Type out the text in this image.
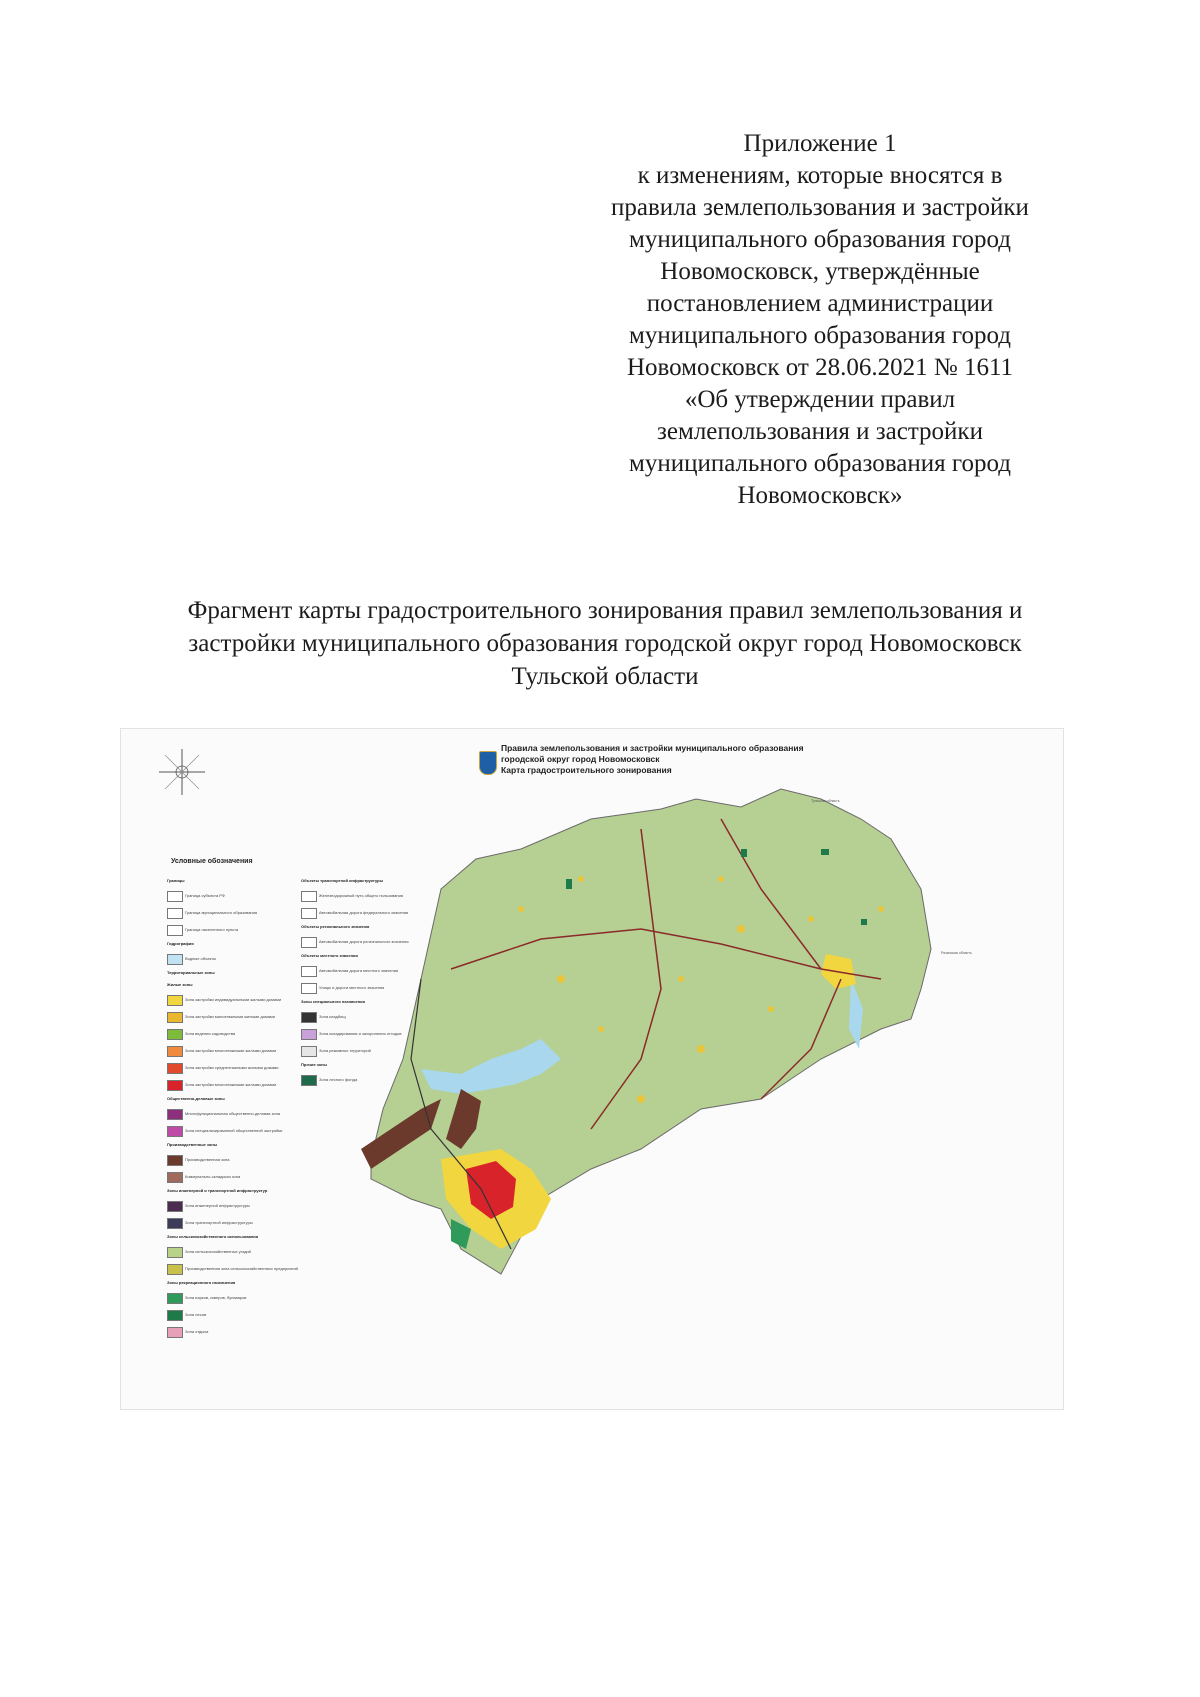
Приложение 1
к изменениям, которые вносятся в
правила землепользования и застройки
муниципального образования город
Новомосковск, утверждённые
постановлением администрации
муниципального образования город
Новомосковск от 28.06.2021 № 1611
«Об утверждении правил
землепользования и застройки
муниципального образования город
Новомосковск»
Фрагмент карты градостроительного зонирования правил землепользования и
застройки муниципального образования городской округ город Новомосковск
Тульской области
Правила землепользования и застройки муниципального образования
городской округ город Новомосковск
Карта градостроительного зонирования
Тульская область
Рязанская область
Условные обозначения
Границы
Граница субъекта РФ
Граница муниципального образования
Граница населенного пункта
Гидрография
Водные объекты
Территориальные зоны
Жилые зоны
Зона застройки индивидуальными жилыми домами
Зона застройки малоэтажными жилыми домами
Зона ведения садоводства
Зона застройки многоэтажными жилыми домами
Зона застройки среднеэтажными жилыми домами
Зона застройки многоэтажными жилыми домами
Общественно-деловые зоны
Многофункциональная общественно-деловая зона
Зона специализированной общественной застройки
Производственные зоны
Производственная зона
Коммунально-складская зона
Зоны инженерной и транспортной инфраструктур
Зона инженерной инфраструктуры
Зона транспортной инфраструктуры
Зоны сельскохозяйственного использования
Зона сельскохозяйственных угодий
Производственная зона сельскохозяйственных предприятий
Зоны рекреационного назначения
Зона парков, скверов, бульваров
Зона лесов
Зона отдыха
Объекты транспортной инфраструктуры
Железнодорожный путь общего пользования
Автомобильная дорога федерального значения
Объекты регионального значения
Автомобильная дорога регионального значения
Объекты местного значения
Автомобильная дорога местного значения
Улицы и дороги местного значения
Зоны специального назначения
Зона кладбищ
Зона складирования и захоронения отходов
Зона режимных территорий
Прочие зоны
Зона лесного фонда
